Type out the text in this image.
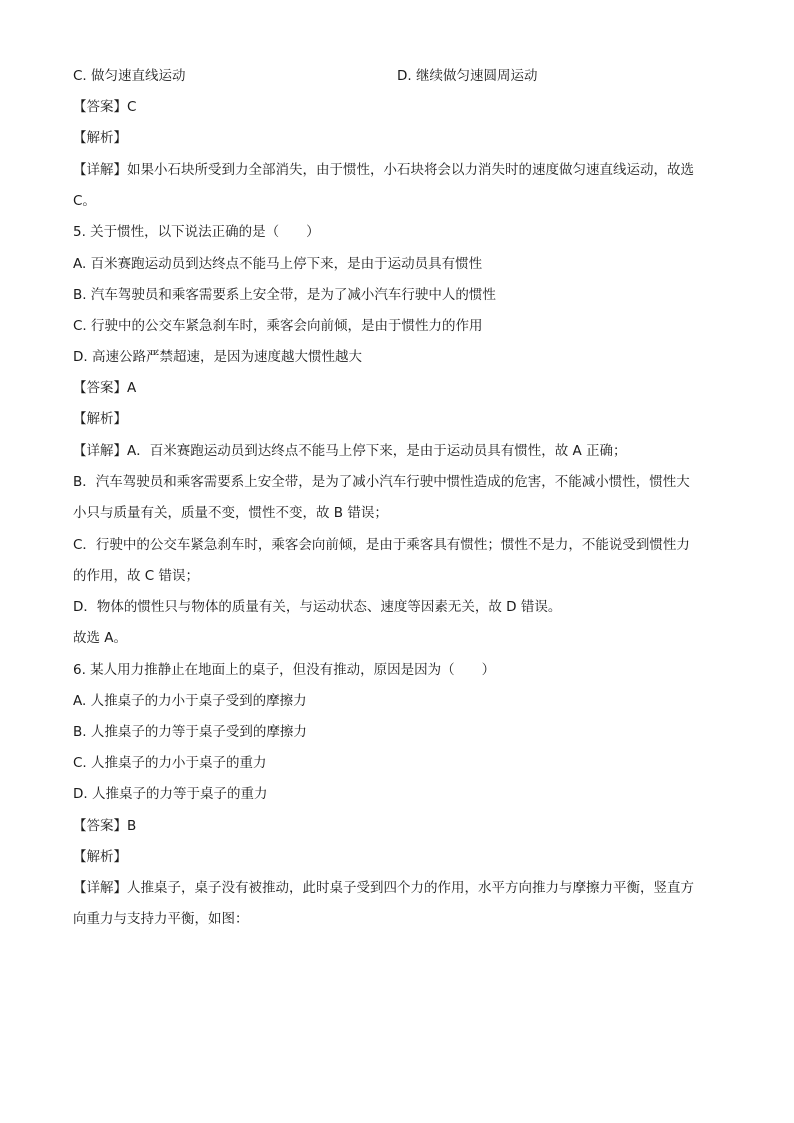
C. 做匀速直线运动	D. 继续做匀速圆周运动
【答案】C
【解析】
【详解】如果小石块所受到力全部消失，由于惯性，小石块将会以力消失时的速度做匀速直线运动，故选
C。
5. 关于惯性，以下说法正确的是（　　）
A. 百米赛跑运动员到达终点不能马上停下来，是由于运动员具有惯性
B. 汽车驾驶员和乘客需要系上安全带，是为了减小汽车行驶中人的惯性
C. 行驶中的公交车紧急刹车时，乘客会向前倾，是由于惯性力的作用
D. 高速公路严禁超速，是因为速度越大惯性越大
【答案】A
【解析】
【详解】A．百米赛跑运动员到达终点不能马上停下来，是由于运动员具有惯性，故 A 正确；
B．汽车驾驶员和乘客需要系上安全带，是为了减小汽车行驶中惯性造成的危害，不能减小惯性，惯性大
小只与质量有关，质量不变，惯性不变，故 B 错误；
C．行驶中的公交车紧急刹车时，乘客会向前倾，是由于乘客具有惯性；惯性不是力，不能说受到惯性力
的作用，故 C 错误；
D．物体的惯性只与物体的质量有关，与运动状态、速度等因素无关，故 D 错误。
故选 A。
6. 某人用力推静止在地面上的桌子，但没有推动，原因是因为（　　）
A. 人推桌子的力小于桌子受到的摩擦力
B. 人推桌子的力等于桌子受到的摩擦力
C. 人推桌子的力小于桌子的重力
D. 人推桌子的力等于桌子的重力
【答案】B
【解析】
【详解】人推桌子，桌子没有被推动，此时桌子受到四个力的作用，水平方向推力与摩擦力平衡，竖直方
向重力与支持力平衡，如图：
